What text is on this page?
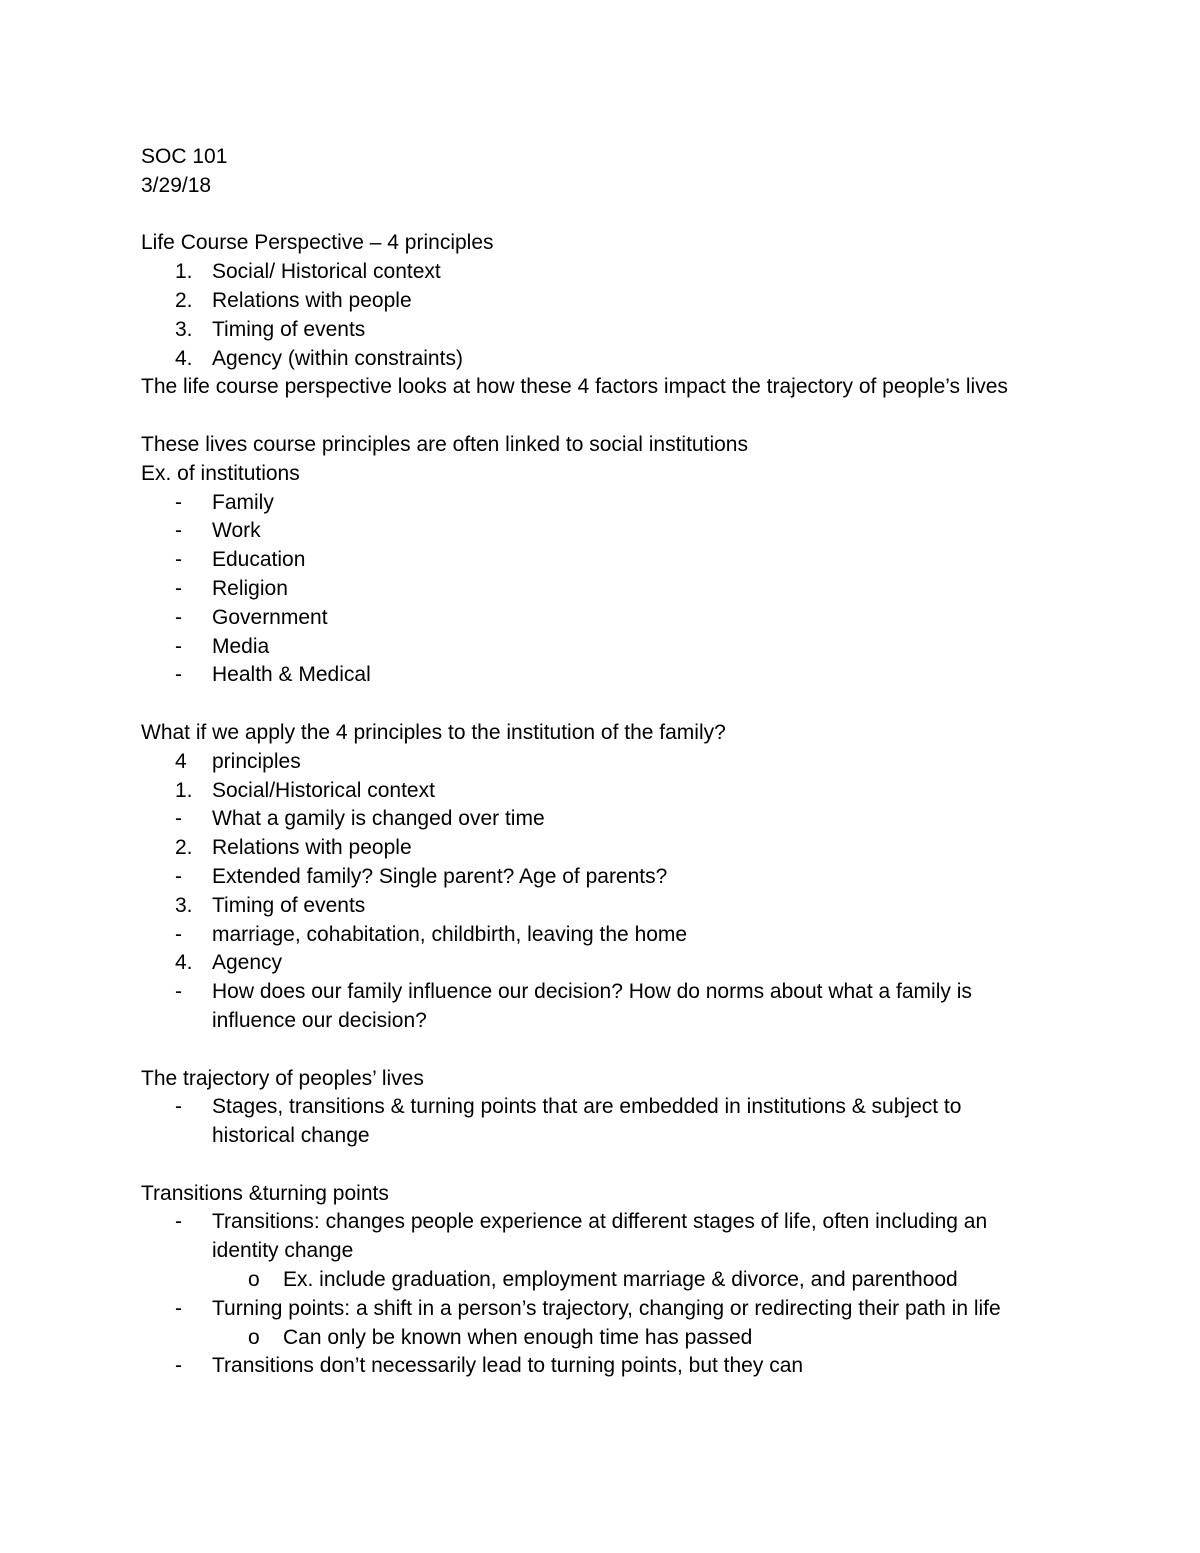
SOC 101
3/29/18
Life Course Perspective – 4 principles
1. Social/ Historical context
2. Relations with people
3. Timing of events
4. Agency (within constraints)
The life course perspective looks at how these 4 factors impact the trajectory of people’s lives
These lives course principles are often linked to social institutions
Ex. of institutions
- Family
- Work
- Education
- Religion
- Government
- Media
- Health & Medical
What if we apply the 4 principles to the institution of the family?
4 principles
1. Social/Historical context
- What a gamily is changed over time
2. Relations with people
- Extended family? Single parent? Age of parents?
3. Timing of events
- marriage, cohabitation, childbirth, leaving the home
4. Agency
- How does our family influence our decision? How do norms about what a family is influence our decision?
The trajectory of peoples’ lives
- Stages, transitions & turning points that are embedded in institutions & subject to historical change
Transitions &turning points
- Transitions: changes people experience at different stages of life, often including an identity change
o Ex. include graduation, employment marriage & divorce, and parenthood
- Turning points: a shift in a person’s trajectory, changing or redirecting their path in life
o Can only be known when enough time has passed
- Transitions don’t necessarily lead to turning points, but they can
